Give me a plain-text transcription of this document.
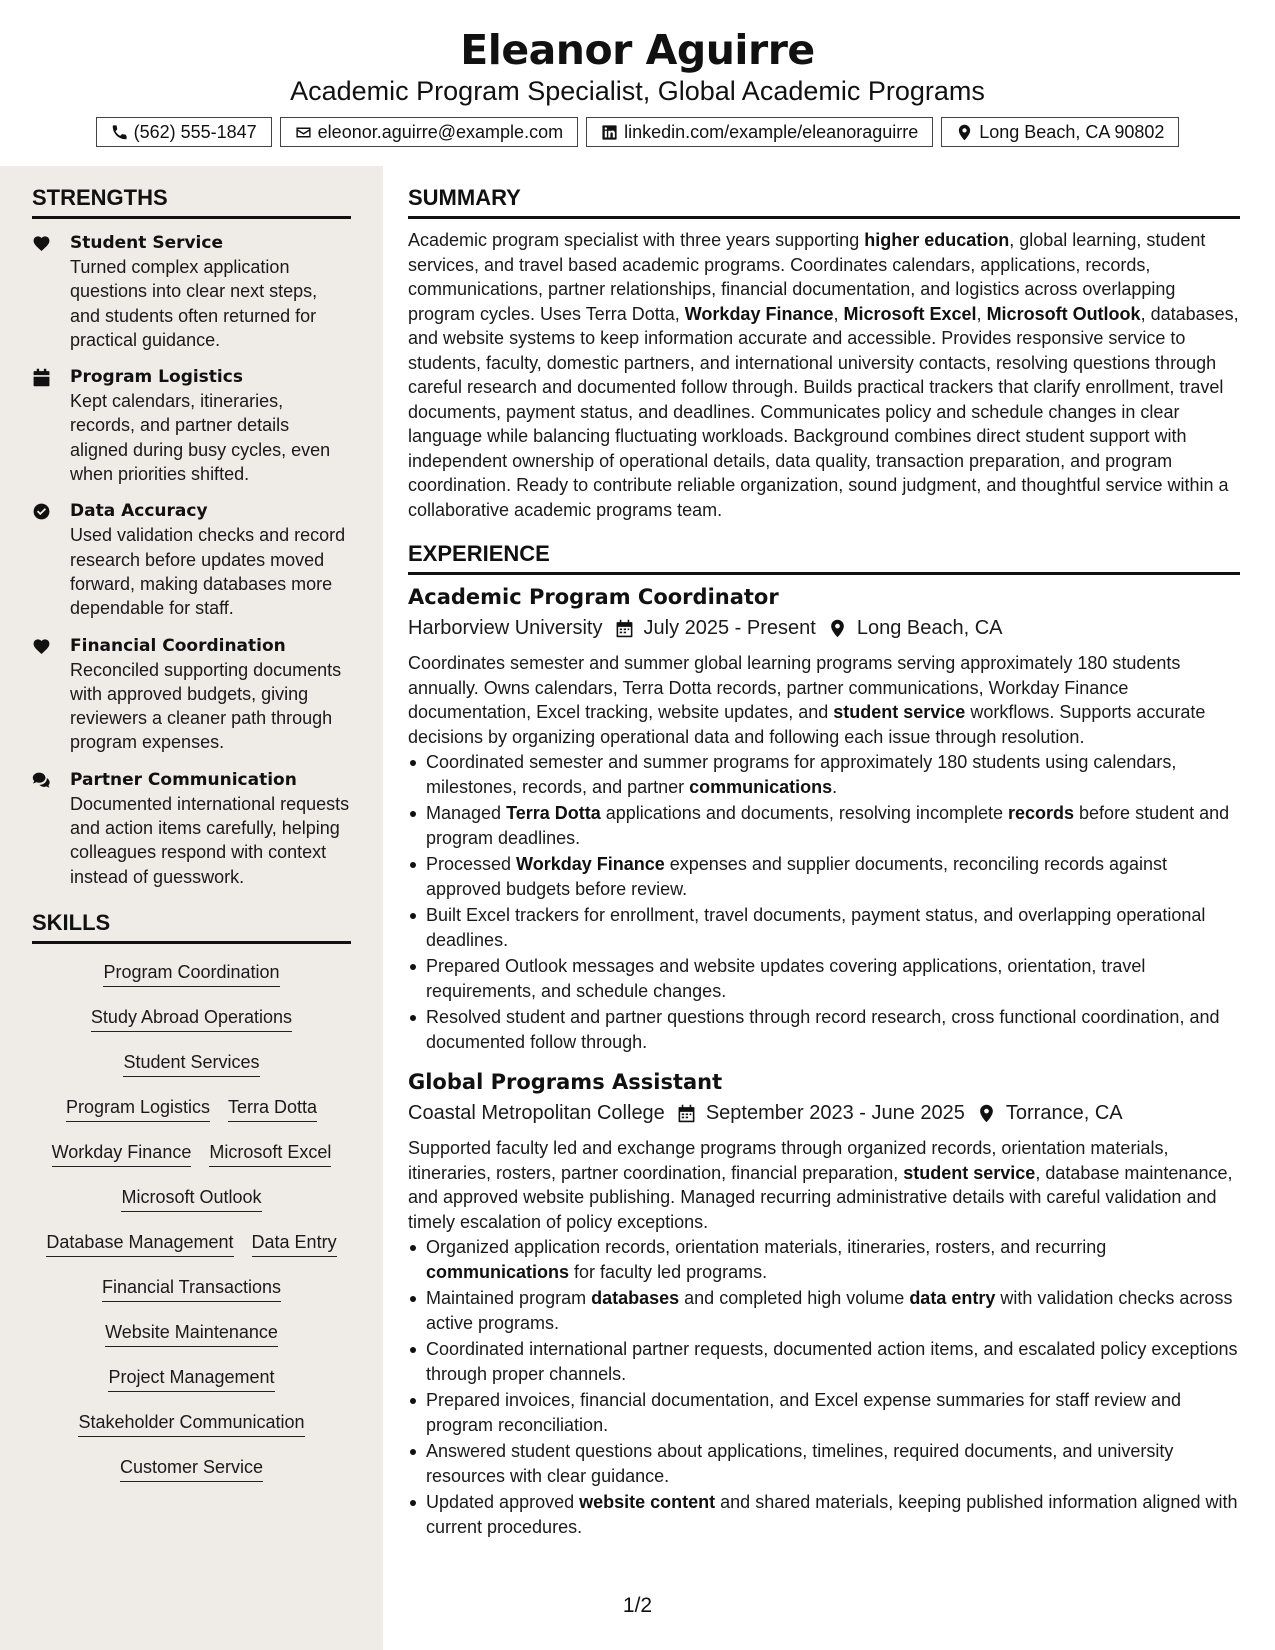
Eleanor Aguirre
Academic Program Specialist, Global Academic Programs
(562) 555-1847	eleonor.aguirre@example.com	linkedin.com/example/eleanoraguirre	Long Beach, CA 90802
STRENGTHS
Student Service
Turned complex application questions into clear next steps, and students often returned for practical guidance.
Program Logistics
Kept calendars, itineraries, records, and partner details aligned during busy cycles, even when priorities shifted.
Data Accuracy
Used validation checks and record research before updates moved forward, making databases more dependable for staff.
Financial Coordination
Reconciled supporting documents with approved budgets, giving reviewers a cleaner path through program expenses.
Partner Communication
Documented international requests and action items carefully, helping colleagues respond with context instead of guesswork.
SKILLS
Program Coordination
Study Abroad Operations
Student Services
Program Logistics Terra Dotta
Workday Finance Microsoft Excel
Microsoft Outlook
Database Management Data Entry
Financial Transactions
Website Maintenance
Project Management
Stakeholder Communication
Customer Service
SUMMARY

Academic program specialist with three years supporting higher education, global learning, student services, and travel based academic programs. Coordinates calendars, applications, records, communications, partner relationships, financial documentation, and logistics across overlapping program cycles. Uses Terra Dotta, Workday Finance, Microsoft Excel, Microsoft Outlook, databases, and website systems to keep information accurate and accessible. Provides responsive service to students, faculty, domestic partners, and international university contacts, resolving questions through careful research and documented follow through. Builds practical trackers that clarify enrollment, travel documents, payment status, and deadlines. Communicates policy and schedule changes in clear language while balancing fluctuating workloads. Background combines direct student support with independent ownership of operational details, data quality, transaction preparation, and program coordination. Ready to contribute reliable organization, sound judgment, and thoughtful service within a collaborative academic programs team.

EXPERIENCE
Academic Program Coordinator
Harborview University July 2025 - Present Long Beach, CA

Coordinates semester and summer global learning programs serving approximately 180 students annually. Owns calendars, Terra Dotta records, partner communications, Workday Finance documentation, Excel tracking, website updates, and student service workflows. Supports accurate decisions by organizing operational data and following each issue through resolution.

Coordinated semester and summer programs for approximately 180 students using calendars, milestones, records, and partner communications.
Managed Terra Dotta applications and documents, resolving incomplete records before student and program deadlines.
Processed Workday Finance expenses and supplier documents, reconciling records against approved budgets before review.
Built Excel trackers for enrollment, travel documents, payment status, and overlapping operational deadlines.
Prepared Outlook messages and website updates covering applications, orientation, travel requirements, and schedule changes.
Resolved student and partner questions through record research, cross functional coordination, and documented follow through.
Global Programs Assistant
Coastal Metropolitan College September 2023 - June 2025 Torrance, CA

Supported faculty led and exchange programs through organized records, orientation materials, itineraries, rosters, partner coordination, financial preparation, student service, database maintenance, and approved website publishing. Managed recurring administrative details with careful validation and timely escalation of policy exceptions.

Organized application records, orientation materials, itineraries, rosters, and recurring communications for faculty led programs.
Maintained program databases and completed high volume data entry with validation checks across active programs.
Coordinated international partner requests, documented action items, and escalated policy exceptions through proper channels.
Prepared invoices, financial documentation, and Excel expense summaries for staff review and program reconciliation.
Answered student questions about applications, timelines, required documents, and university resources with clear guidance.
Updated approved website content and shared materials, keeping published information aligned with current procedures.
1/2
